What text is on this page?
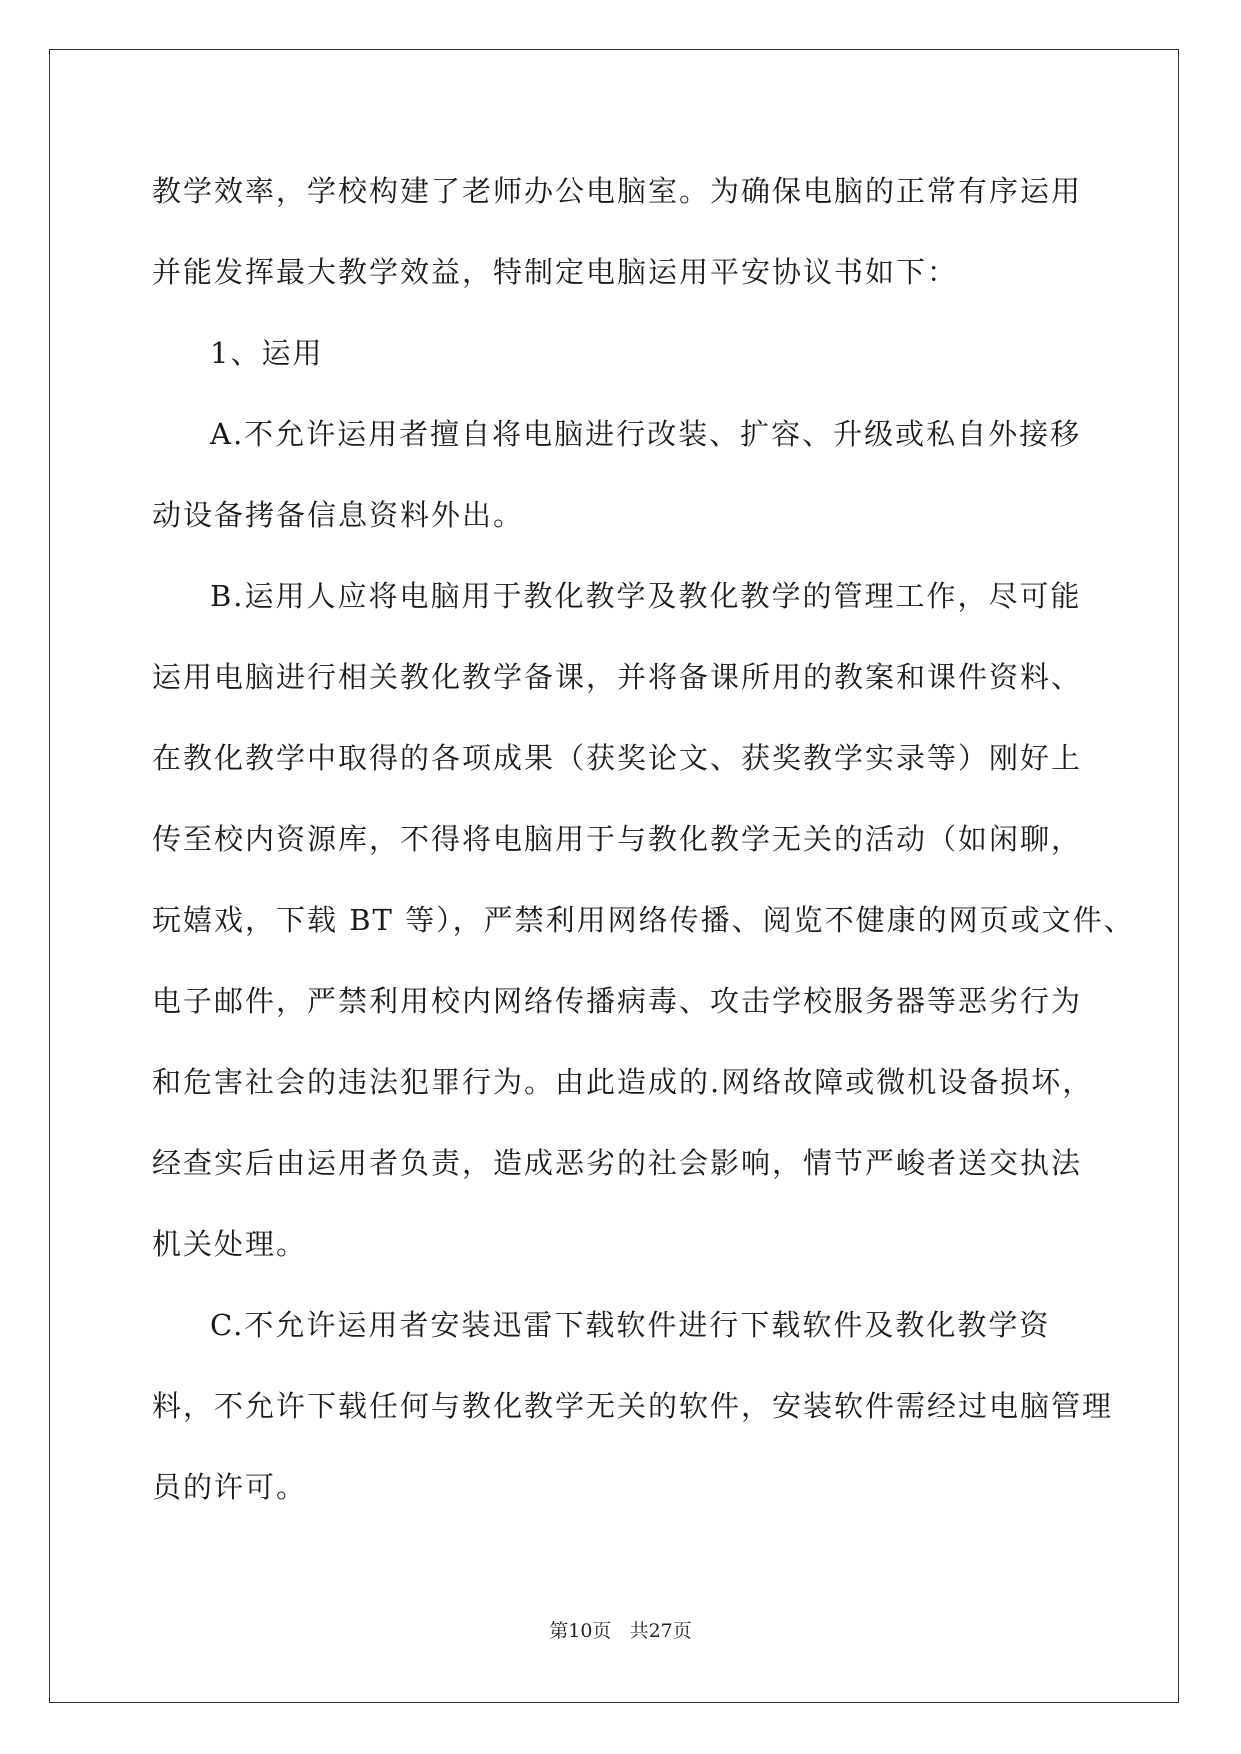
教学效率，学校构建了老师办公电脑室。为确保电脑的正常有序运用
并能发挥最大教学效益，特制定电脑运用平安协议书如下：
1、运用
A.不允许运用者擅自将电脑进行改装、扩容、升级或私自外接移
动设备拷备信息资料外出。
B.运用人应将电脑用于教化教学及教化教学的管理工作，尽可能
运用电脑进行相关教化教学备课，并将备课所用的教案和课件资料、
在教化教学中取得的各项成果（获奖论文、获奖教学实录等）刚好上
传至校内资源库，不得将电脑用于与教化教学无关的活动（如闲聊，
玩嬉戏，下载 BT 等），严禁利用网络传播、阅览不健康的网页或文件、
电子邮件，严禁利用校内网络传播病毒、攻击学校服务器等恶劣行为
和危害社会的违法犯罪行为。由此造成的.网络故障或微机设备损坏，
经查实后由运用者负责，造成恶劣的社会影响，情节严峻者送交执法
机关处理。
C.不允许运用者安装迅雷下载软件进行下载软件及教化教学资
料，不允许下载任何与教化教学无关的软件，安装软件需经过电脑管理
员的许可。
第10页 共27页
